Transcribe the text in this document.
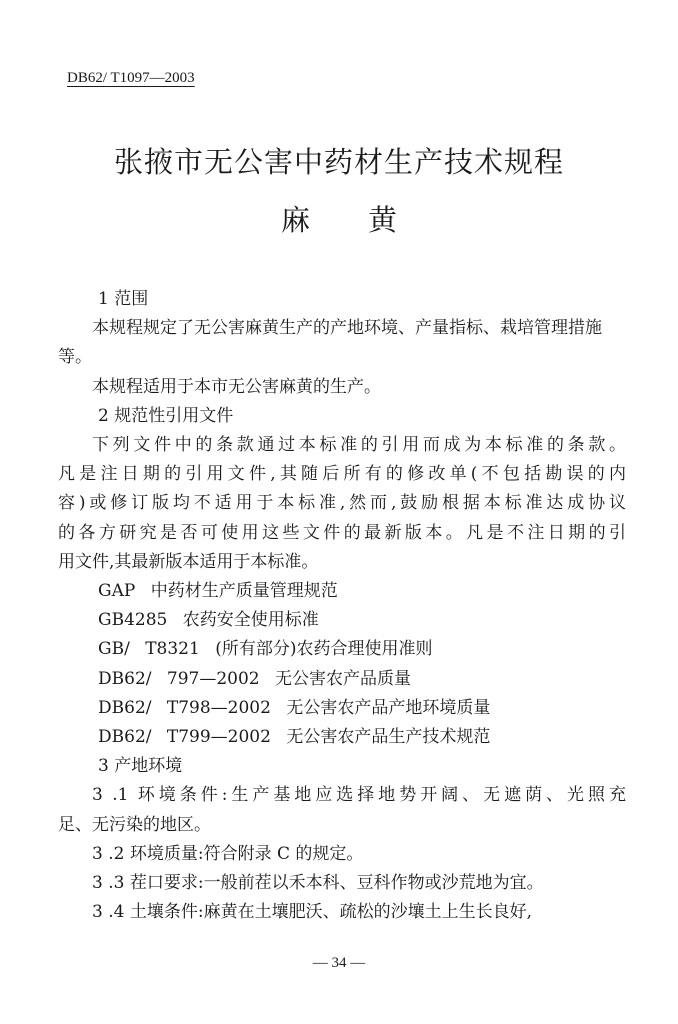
DB62/ T1097—2003
张掖市无公害中药材生产技术规程
麻黄

1 范围

本规程规定了无公害麻黄生产的产地环境、产量指标、栽培管理措施等。

本规程适用于本市无公害麻黄的生产。

2 规范性引用文件

下列文件中的条款通过本标准的引用而成为本标准的条款。

凡是注日期的引用文件,其随后所有的修改单(不包括勘误的内

容)或修订版均不适用于本标准,然而,鼓励根据本标准达成协议

的各方研究是否可使用这些文件的最新版本。凡是不注日期的引

用文件,其最新版本适用于本标准。

GAP 中药材生产质量管理规范

GB4285 农药安全使用标准

GB/ T8321 (所有部分)农药合理使用准则

DB62/ 797—2002 无公害农产品质量

DB62/ T798—2002 无公害农产品产地环境质量

DB62/ T799—2002 无公害农产品生产技术规范

3 产地环境

3 .1 环境条件:生产基地应选择地势开阔、无遮荫、光照充

足、无污染的地区。

3 .2 环境质量:符合附录 C 的规定。

3 .3 茬口要求:一般前茬以禾本科、豆科作物或沙荒地为宜。

3 .4 土壤条件:麻黄在土壤肥沃、疏松的沙壤土上生长良好,

— 34 —
